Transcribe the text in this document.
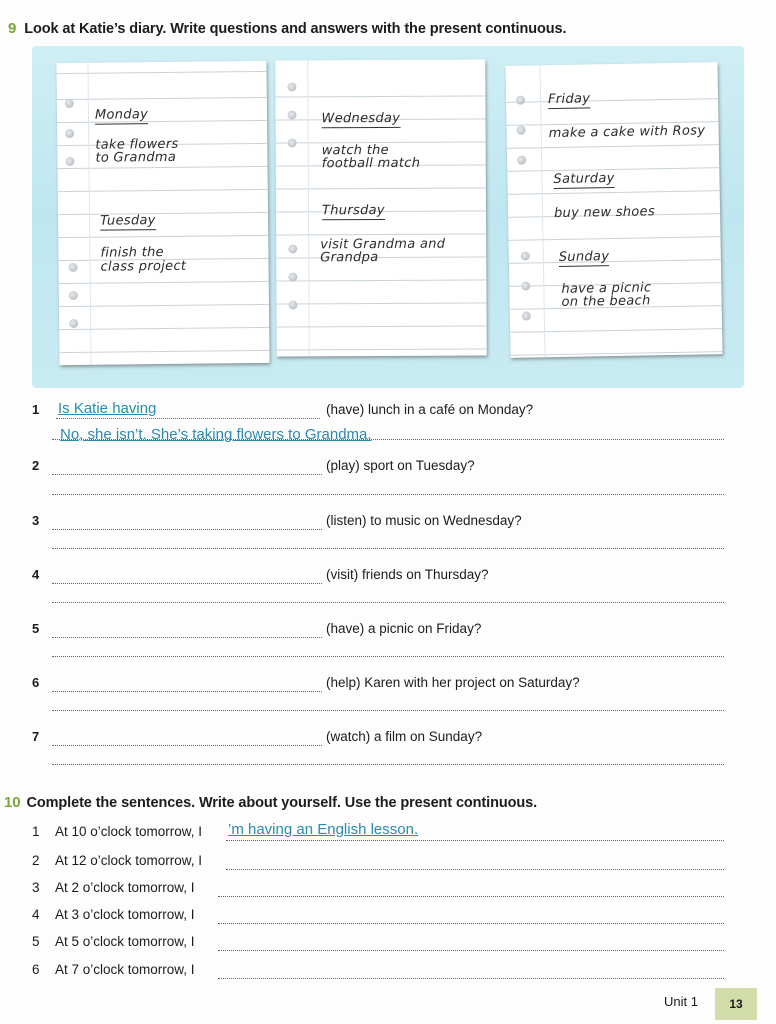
9 Look at Katie’s diary. Write questions and answers with the present continuous.
Monday
take flowers
to Grandma
Tuesday
finish the
class project
Wednesday
watch the
football match
Thursday
visit Grandma and
Grandpa
Friday
make a cake with Rosy
Saturday
buy new shoes
Sunday
have a picnic
on the beach
1 Is Katie having	(have) lunch in a café on Monday?
No, she isn’t. She’s taking flowers to Grandma.
2	(play) sport on Tuesday?
3	(listen) to music on Wednesday?
4	(visit) friends on Thursday?
5	(have) a picnic on Friday?
6	(help) Karen with her project on Saturday?
7	(watch) a film on Sunday?
10 Complete the sentences. Write about yourself. Use the present continuous.
1 At 10 o’clock tomorrow, I ’m having an English lesson.
2 At 12 o’clock tomorrow, I
3 At 2 o’clock tomorrow, I
4 At 3 o’clock tomorrow, I
5 At 5 o’clock tomorrow, I
6 At 7 o’clock tomorrow, I
Unit 1	13
